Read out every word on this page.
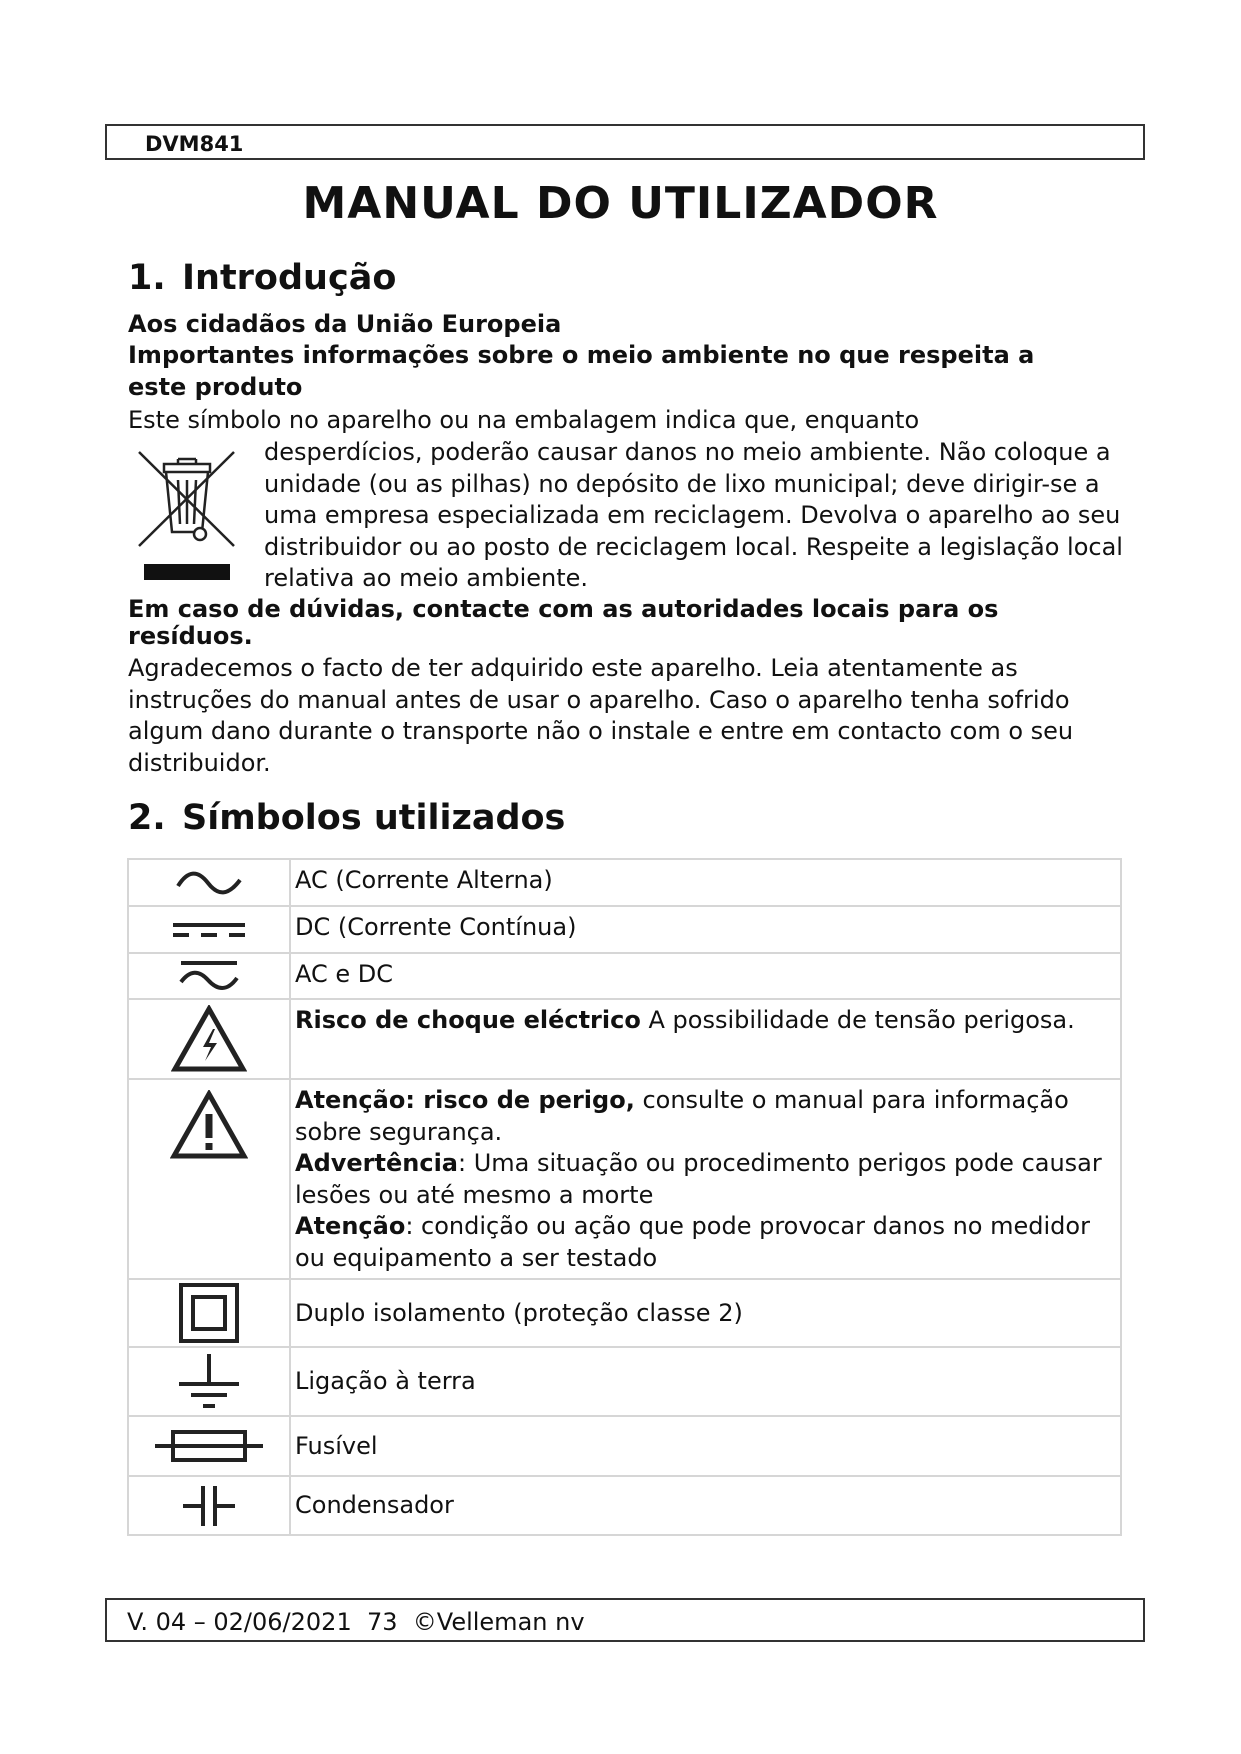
DVM841
MANUAL DO UTILIZADOR
1. Introdução

Aos cidadãos da União Europeia

Importantes informações sobre o meio ambiente no que respeita a este produto

Este símbolo no aparelho ou na embalagem indica que, enquanto

desperdícios, poderão causar danos no meio ambiente. Não coloque a unidade (ou as pilhas) no depósito de lixo municipal; deve dirigir-se a uma empresa especializada em reciclagem. Devolva o aparelho ao seu distribuidor ou ao posto de reciclagem local. Respeite a legislação local relativa ao meio ambiente.

Em caso de dúvidas, contacte com as autoridades locais para os resíduos.

Agradecemos o facto de ter adquirido este aparelho. Leia atentamente as instruções do manual antes de usar o aparelho. Caso o aparelho tenha sofrido algum dano durante o transporte não o instale e entre em contacto com o seu distribuidor.

2. Símbolos utilizados
	AC (Corrente Alterna)

	DC (Corrente Contínua)

	AC e DC

	Risco de choque eléctrico A possibilidade de tensão perigosa.

	Atenção: risco de perigo, consulte o manual para informação sobre segurança.
Advertência: Uma situação ou procedimento perigos pode causar lesões ou até mesmo a morte
Atenção: condição ou ação que pode provocar danos no medidor ou equipamento a ser testado

	Duplo isolamento (proteção classe 2)

	Ligação à terra

	Fusível

	Condensador
V. 04 – 02/06/2021  73  ©Velleman nv
